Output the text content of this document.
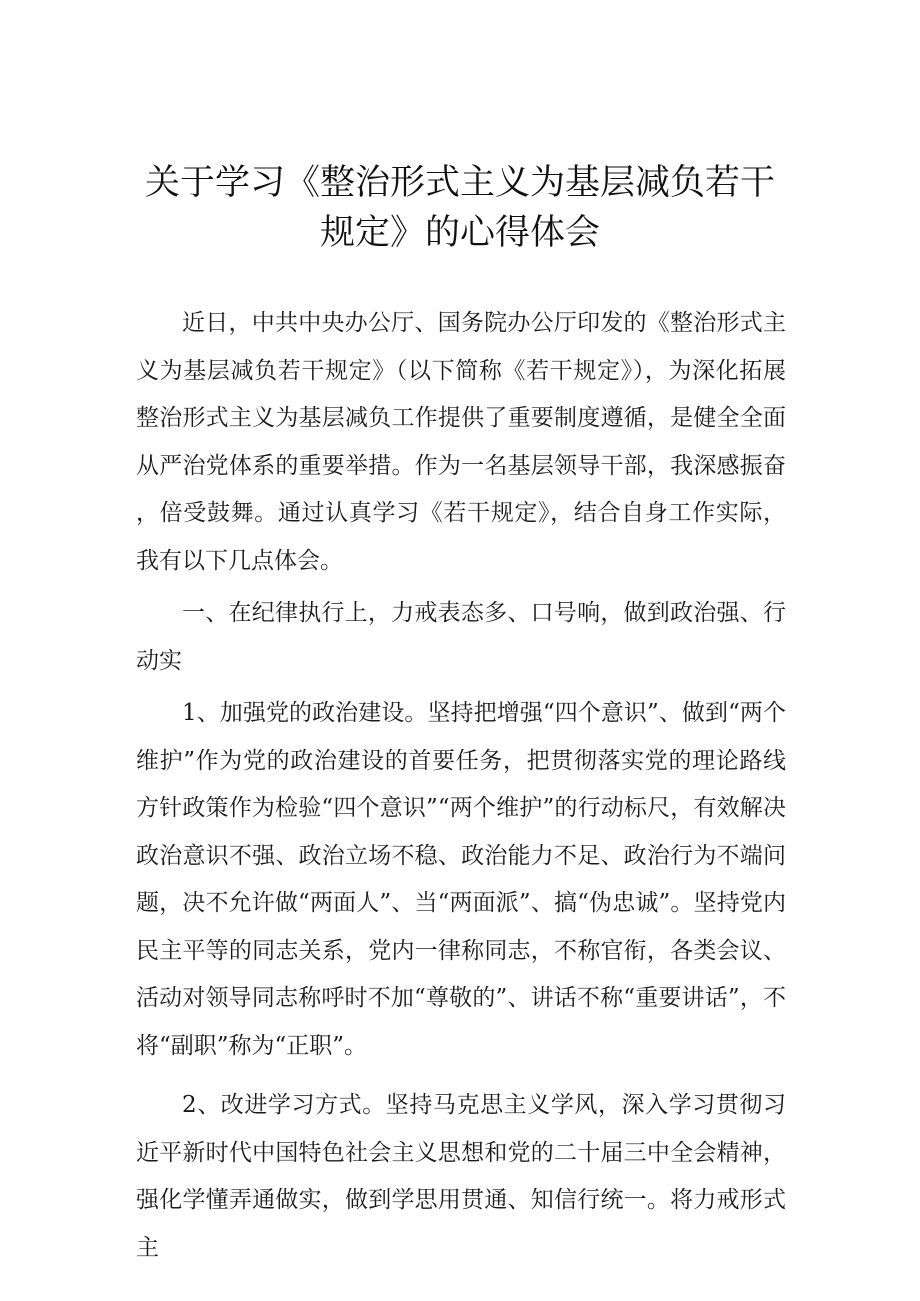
关于学习《整治形式主义为基层减负若干
规定》的心得体会

近日，中共中央办公厅、国务院办公厅印发的《整治形式主义为基层减负若干规定》（以下简称《若干规定》），为深化拓展整治形式主义为基层减负工作提供了重要制度遵循，是健全全面从严治党体系的重要举措。作为一名基层领导干部，我深感振奋，倍受鼓舞。通过认真学习《若干规定》，结合自身工作实际，我有以下几点体会。

一、在纪律执行上，力戒表态多、口号响，做到政治强、行动实

1、加强党的政治建设。坚持把增强“四个意识”、做到“两个维护”作为党的政治建设的首要任务，把贯彻落实党的理论路线方针政策作为检验“四个意识”“两个维护”的行动标尺，有效解决政治意识不强、政治立场不稳、政治能力不足、政治行为不端问题，决不允许做“两面人”、当“两面派”、搞“伪忠诚”。坚持党内民主平等的同志关系，党内一律称同志，不称官衔，各类会议、活动对领导同志称呼时不加“尊敬的”、讲话不称“重要讲话”，不将“副职”称为“正职”。

2、改进学习方式。坚持马克思主义学风，深入学习贯彻习近平新时代中国特色社会主义思想和党的二十届三中全会精神，强化学懂弄通做实，做到学思用贯通、知信行统一。将力戒形式主
